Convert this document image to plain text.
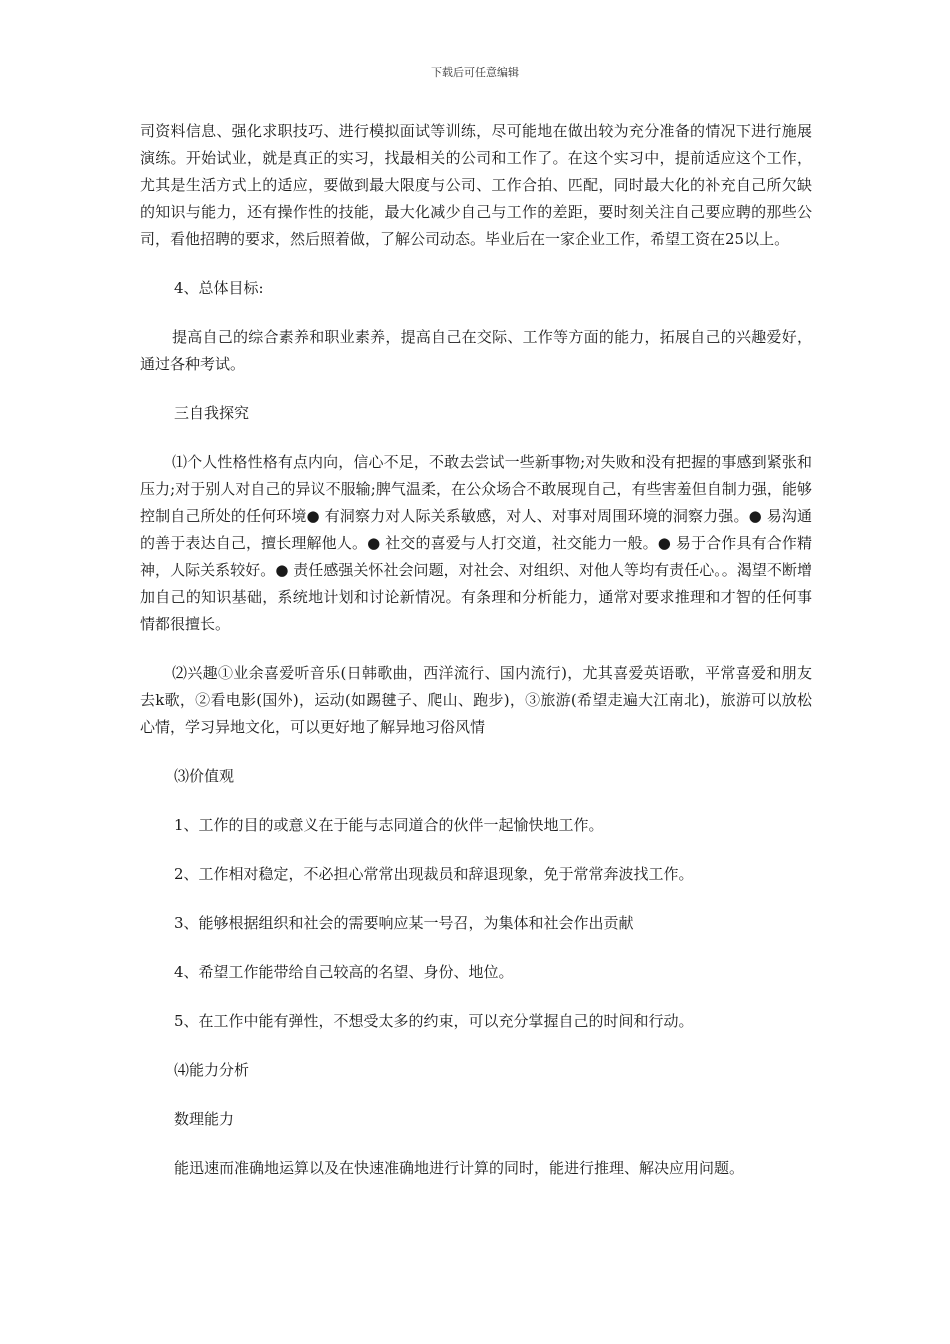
下载后可任意编辑

司资料信息、强化求职技巧、进行模拟面试等训练，尽可能地在做出较为充分准备的情况下进行施展演练。开始试业，就是真正的实习，找最相关的公司和工作了。在这个实习中，提前适应这个工作，尤其是生活方式上的适应，要做到最大限度与公司、工作合拍、匹配，同时最大化的补充自己所欠缺的知识与能力，还有操作性的技能，最大化减少自己与工作的差距，要时刻关注自己要应聘的那些公司，看他招聘的要求，然后照着做，了解公司动态。毕业后在一家企业工作，希望工资在25以上。

4、总体目标:

提高自己的综合素养和职业素养，提高自己在交际、工作等方面的能力，拓展自己的兴趣爱好，通过各种考试。

三自我探究

⑴个人性格性格有点内向，信心不足，不敢去尝试一些新事物;对失败和没有把握的事感到紧张和压力;对于别人对自己的异议不服输;脾气温柔，在公众场合不敢展现自己，有些害羞但自制力强，能够控制自己所处的任何环境● 有洞察力对人际关系敏感，对人、对事对周围环境的洞察力强。● 易沟通的善于表达自己，擅长理解他人。● 社交的喜爱与人打交道，社交能力一般。● 易于合作具有合作精神，人际关系较好。● 责任感强关怀社会问题，对社会、对组织、对他人等均有责任心。。渴望不断增加自己的知识基础，系统地计划和讨论新情况。有条理和分析能力，通常对要求推理和才智的任何事情都很擅长。

⑵兴趣①业余喜爱听音乐(日韩歌曲，西洋流行、国内流行)，尤其喜爱英语歌，平常喜爱和朋友去k歌，②看电影(国外)，运动(如踢毽子、爬山、跑步)，③旅游(希望走遍大江南北)，旅游可以放松心情，学习异地文化，可以更好地了解异地习俗风情

⑶价值观

1、工作的目的或意义在于能与志同道合的伙伴一起愉快地工作。

2、工作相对稳定，不必担心常常出现裁员和辞退现象，免于常常奔波找工作。

3、能够根据组织和社会的需要响应某一号召，为集体和社会作出贡献

4、希望工作能带给自己较高的名望、身份、地位。

5、在工作中能有弹性，不想受太多的约束，可以充分掌握自己的时间和行动。

⑷能力分析

数理能力

能迅速而准确地运算以及在快速准确地进行计算的同时，能进行推理、解决应用问题。
